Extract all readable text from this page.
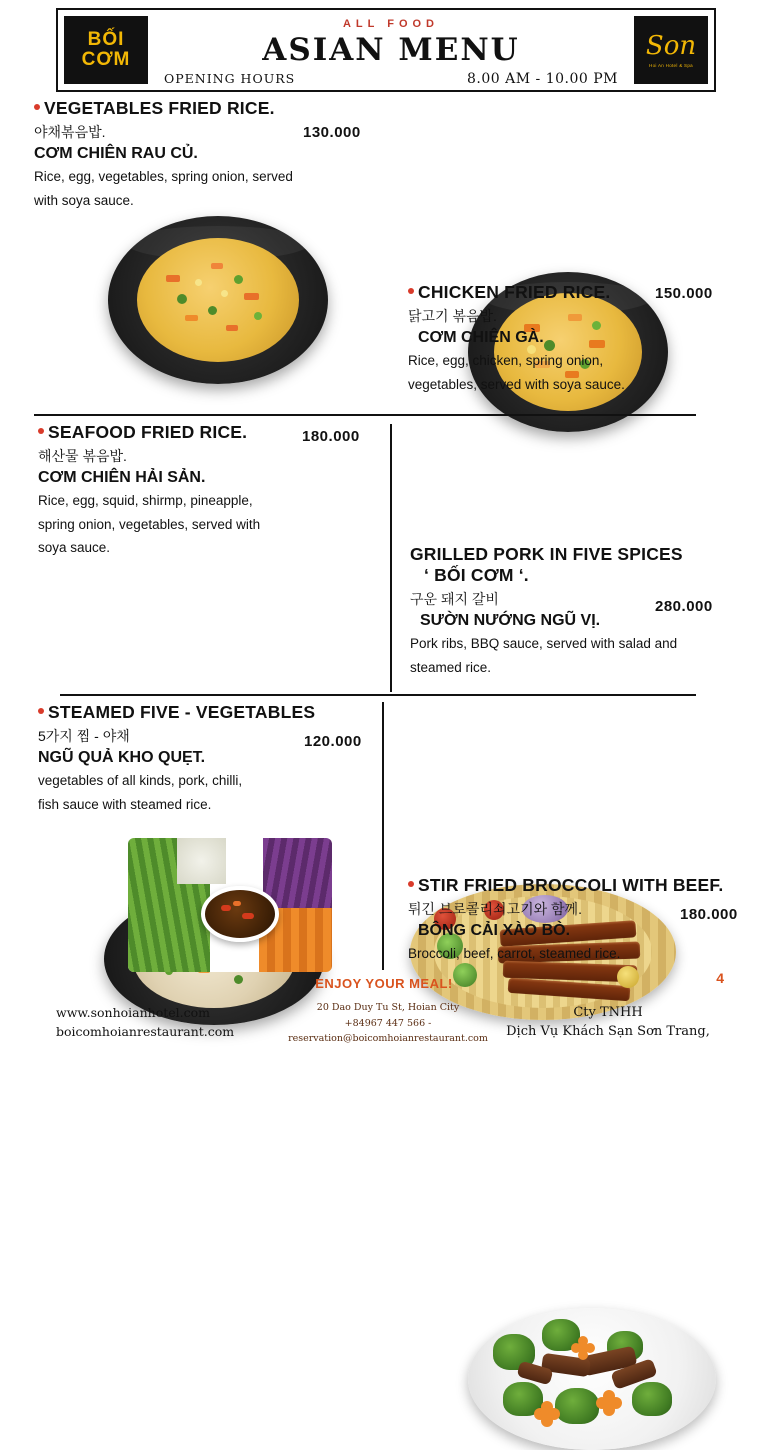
BỐI
CƠM
ALL FOOD
ASIAN MENU
OPENING HOURS	8.00 AM - 10.00 PM
Son
Hoi An Hotel & Spa
VEGETABLES FRIED RICE.
야채볶음밥.
CƠM CHIÊN RAU CỦ.
Rice, egg, vegetables, spring onion, served
with soya sauce.
130.000
CHICKEN FRIED RICE.
닭고기 볶음밥.
CƠM CHIÊN GÀ.
Rice, egg, chicken, spring onion,
vegetables, served with soya sauce.
150.000
SEAFOOD FRIED RICE.
해산물 볶음밥.
CƠM CHIÊN HẢI SẢN.
Rice, egg, squid, shirmp, pineapple,
spring onion, vegetables, served with
soya sauce.
180.000
GRILLED PORK IN FIVE SPICES
‘ BỐI CƠM ‘.
구운 돼지 갈비
SƯỜN NƯỚNG NGŨ VỊ.
Pork ribs, BBQ sauce, served with salad and
steamed rice.
280.000
STEAMED FIVE - VEGETABLES
5가지 찜 - 야채
NGŨ QUẢ KHO QUẸT.
vegetables of all kinds, pork, chilli,
fish sauce with steamed rice.
120.000
STIR FRIED BROCCOLI WITH BEEF.
튀긴 브로콜리쇠고기와 함께.
BÔNG CẢI XÀO BÒ.
Broccoli, beef, carrot, steamed rice.
180.000
ENJOY YOUR MEAL!	4
www.sonhoianhotel.com
boicomhoianrestaurant.com
20 Dao Duy Tu St, Hoian City
+84967 447 566 -
reservation@boicomhoianrestaurant.com
Cty TNHH
Dịch Vụ Khách Sạn Sơn Trang,
